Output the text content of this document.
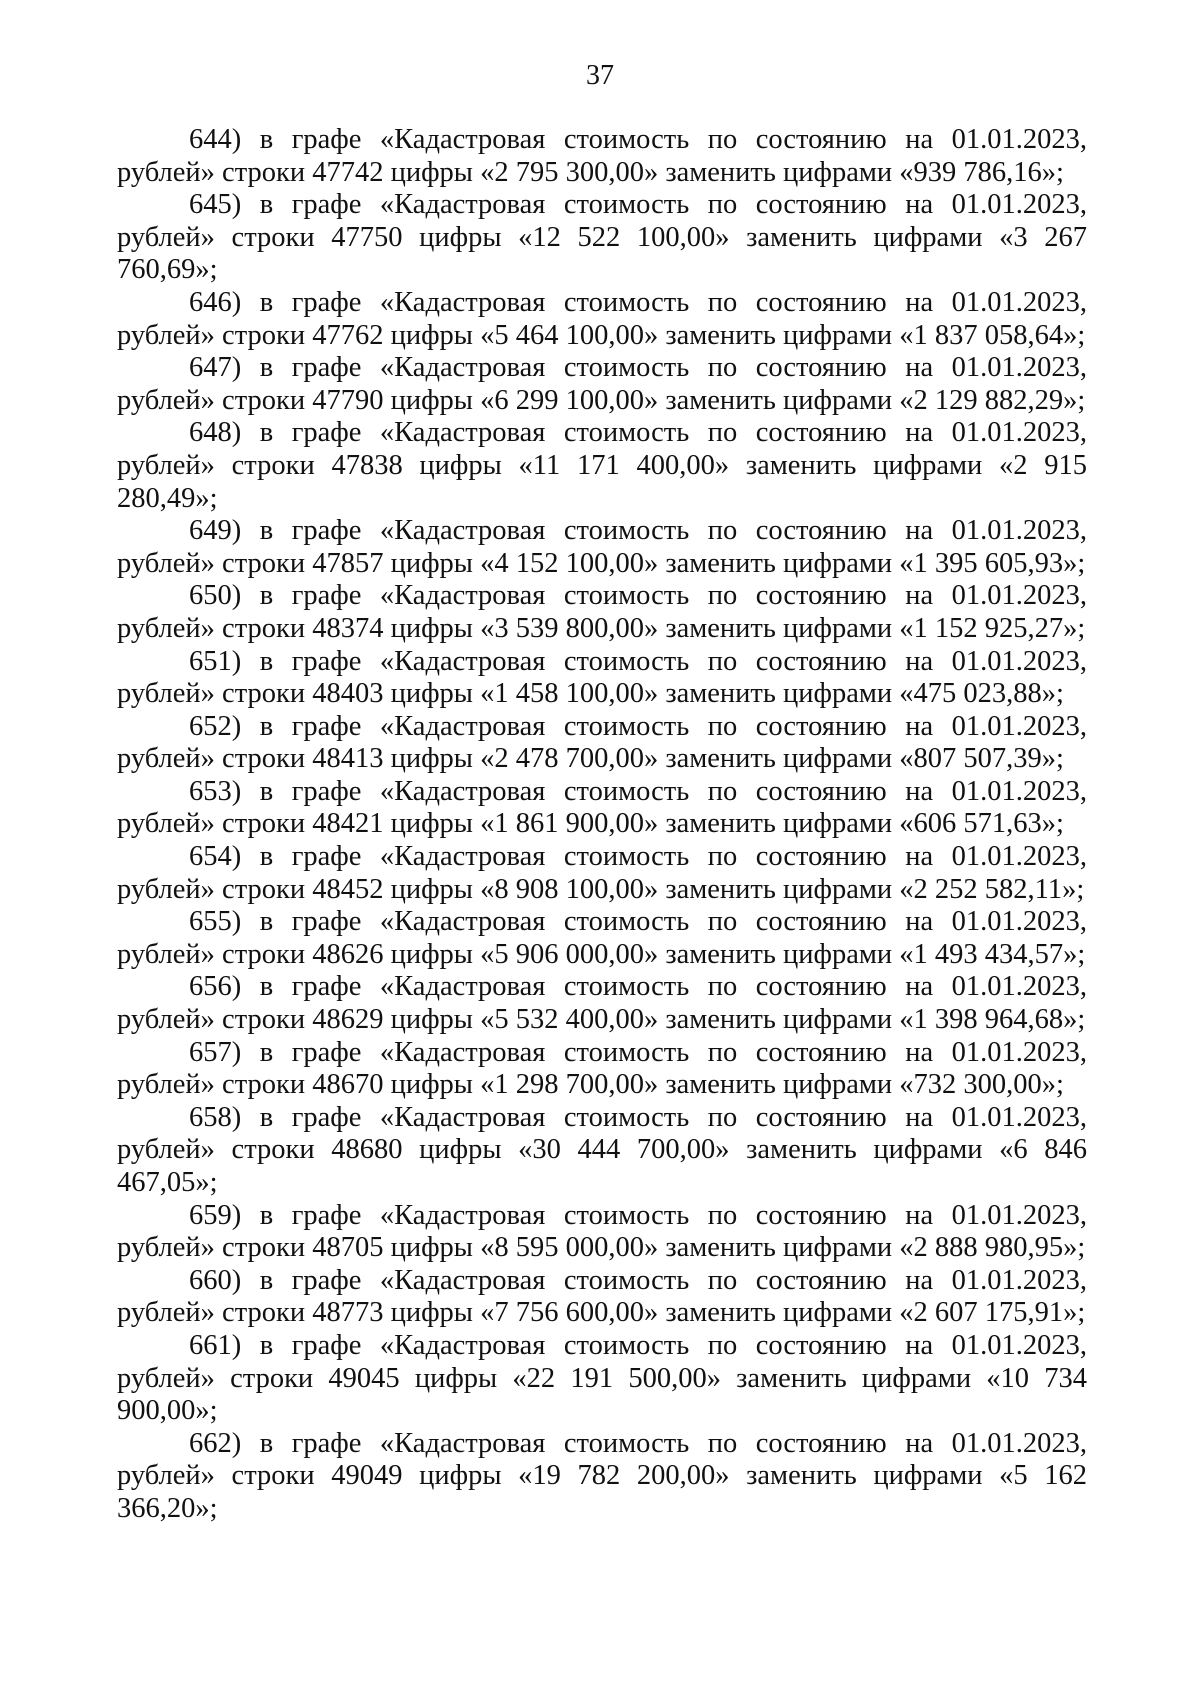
37

644) в графе «Кадастровая стоимость по состоянию на 01.01.2023, рублей» строки 47742 цифры «2 795 300,00» заменить цифрами «939 786,16»;

645) в графе «Кадастровая стоимость по состоянию на 01.01.2023, рублей» строки 47750 цифры «12 522 100,00» заменить цифрами «3 267 760,69»;

646) в графе «Кадастровая стоимость по состоянию на 01.01.2023, рублей» строки 47762 цифры «5 464 100,00» заменить цифрами «1 837 058,64»;

647) в графе «Кадастровая стоимость по состоянию на 01.01.2023, рублей» строки 47790 цифры «6 299 100,00» заменить цифрами «2 129 882,29»;

648) в графе «Кадастровая стоимость по состоянию на 01.01.2023, рублей» строки 47838 цифры «11 171 400,00» заменить цифрами «2 915 280,49»;

649) в графе «Кадастровая стоимость по состоянию на 01.01.2023, рублей» строки 47857 цифры «4 152 100,00» заменить цифрами «1 395 605,93»;

650) в графе «Кадастровая стоимость по состоянию на 01.01.2023, рублей» строки 48374 цифры «3 539 800,00» заменить цифрами «1 152 925,27»;

651) в графе «Кадастровая стоимость по состоянию на 01.01.2023, рублей» строки 48403 цифры «1 458 100,00» заменить цифрами «475 023,88»;

652) в графе «Кадастровая стоимость по состоянию на 01.01.2023, рублей» строки 48413 цифры «2 478 700,00» заменить цифрами «807 507,39»;

653) в графе «Кадастровая стоимость по состоянию на 01.01.2023, рублей» строки 48421 цифры «1 861 900,00» заменить цифрами «606 571,63»;

654) в графе «Кадастровая стоимость по состоянию на 01.01.2023, рублей» строки 48452 цифры «8 908 100,00» заменить цифрами «2 252 582,11»;

655) в графе «Кадастровая стоимость по состоянию на 01.01.2023, рублей» строки 48626 цифры «5 906 000,00» заменить цифрами «1 493 434,57»;

656) в графе «Кадастровая стоимость по состоянию на 01.01.2023, рублей» строки 48629 цифры «5 532 400,00» заменить цифрами «1 398 964,68»;

657) в графе «Кадастровая стоимость по состоянию на 01.01.2023, рублей» строки 48670 цифры «1 298 700,00» заменить цифрами «732 300,00»;

658) в графе «Кадастровая стоимость по состоянию на 01.01.2023, рублей» строки 48680 цифры «30 444 700,00» заменить цифрами «6 846 467,05»;

659) в графе «Кадастровая стоимость по состоянию на 01.01.2023, рублей» строки 48705 цифры «8 595 000,00» заменить цифрами «2 888 980,95»;

660) в графе «Кадастровая стоимость по состоянию на 01.01.2023, рублей» строки 48773 цифры «7 756 600,00» заменить цифрами «2 607 175,91»;

661) в графе «Кадастровая стоимость по состоянию на 01.01.2023, рублей» строки 49045 цифры «22 191 500,00» заменить цифрами «10 734 900,00»;

662) в графе «Кадастровая стоимость по состоянию на 01.01.2023, рублей» строки 49049 цифры «19 782 200,00» заменить цифрами «5 162 366,20»;
